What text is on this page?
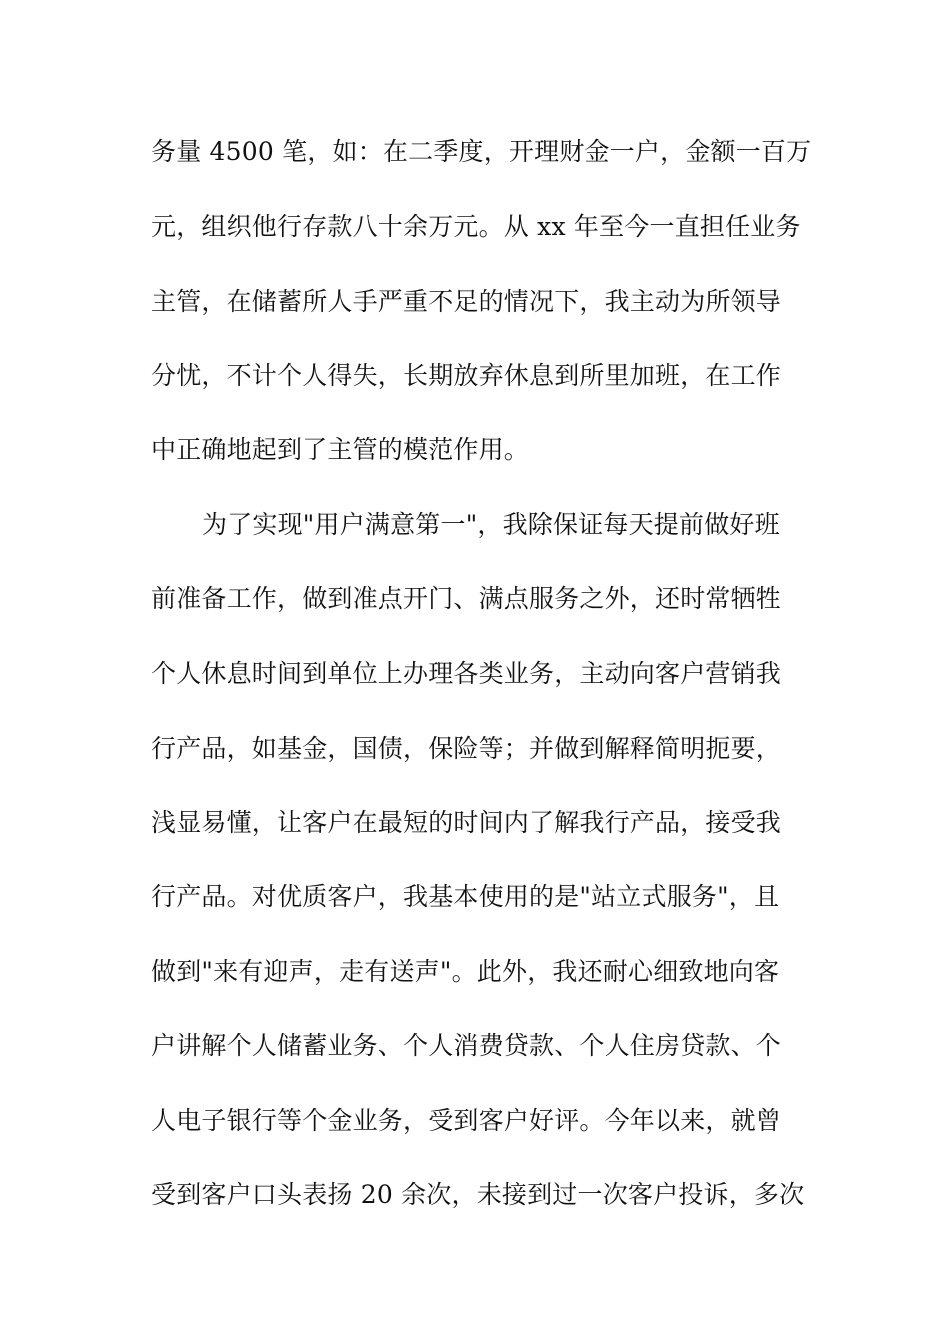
务量 4500 笔，如：在二季度，开理财金一户，金额一百万
元，组织他行存款八十余万元。从 xx 年至今一直担任业务
主管，在储蓄所人手严重不足的情况下，我主动为所领导
分忧，不计个人得失，长期放弃休息到所里加班，在工作
中正确地起到了主管的模范作用。
为了实现"用户满意第一"，我除保证每天提前做好班
前准备工作，做到准点开门、满点服务之外，还时常牺牲
个人休息时间到单位上办理各类业务，主动向客户营销我
行产品，如基金，国债，保险等；并做到解释简明扼要，
浅显易懂，让客户在最短的时间内了解我行产品，接受我
行产品。对优质客户，我基本使用的是"站立式服务"，且
做到"来有迎声，走有送声"。此外，我还耐心细致地向客
户讲解个人储蓄业务、个人消费贷款、个人住房贷款、个
人电子银行等个金业务，受到客户好评。今年以来，就曾
受到客户口头表扬 20 余次，未接到过一次客户投诉，多次
